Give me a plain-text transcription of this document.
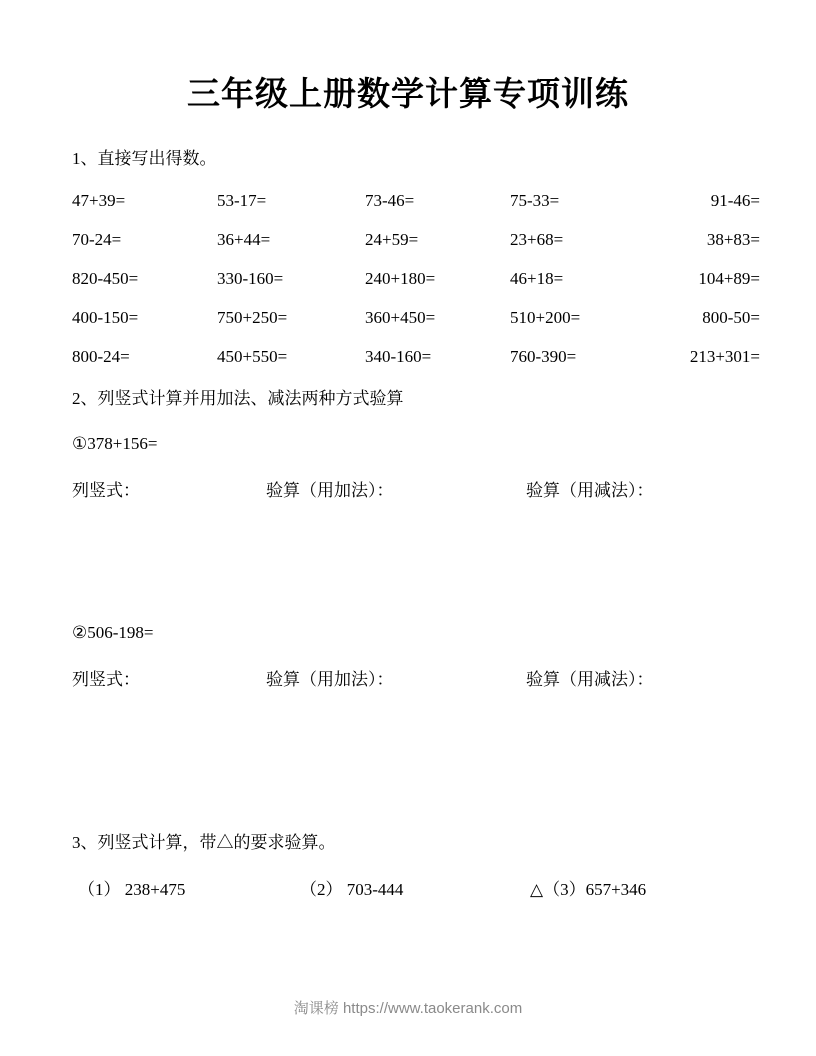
三年级上册数学计算专项训练
1、直接写出得数。
47+39=	53-17=	73-46=	75-33=	91-46=
70-24=	36+44=	24+59=	23+68=	38+83=
820-450=	330-160=	240+180=	46+18=	104+89=
400-150=	750+250=	360+450=	510+200=	800-50=
800-24=	450+550=	340-160=	760-390=	213+301=
2、列竖式计算并用加法、减法两种方式验算
①378+156=
列竖式：	验算（用加法）：	验算（用减法）：
②506-198=
列竖式：	验算（用加法）：	验算（用减法）：
3、列竖式计算，带△的要求验算。
（1） 238+475	（2） 703-444	△（3）657+346
淘课榜 https://www.taokerank.com
